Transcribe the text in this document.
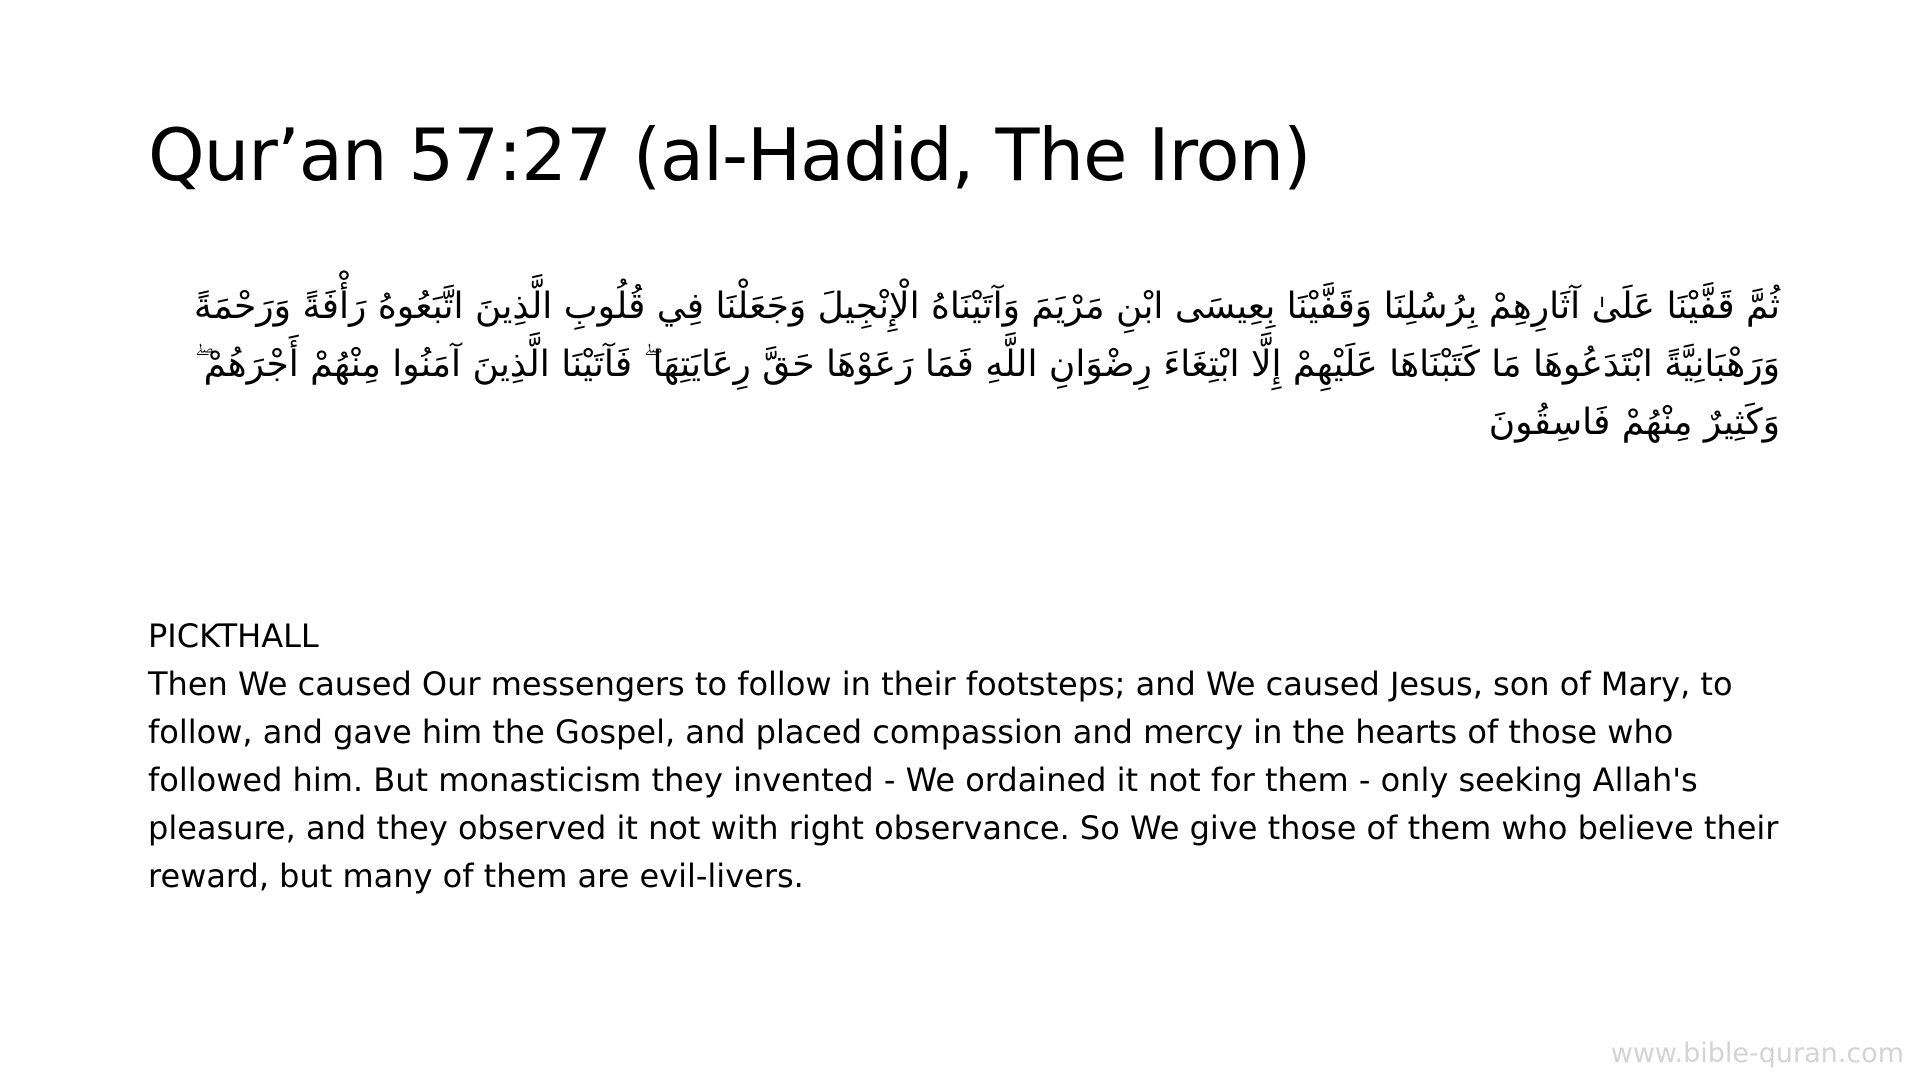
Qur’an 57:27 (al-Hadid, The Iron)

ثُمَّ قَفَّيْنَا عَلَىٰ آثَارِهِمْ بِرُسُلِنَا وَقَفَّيْنَا بِعِيسَى ابْنِ مَرْيَمَ وَآتَيْنَاهُ الْإِنْجِيلَ وَجَعَلْنَا فِي قُلُوبِ الَّذِينَ اتَّبَعُوهُ رَأْفَةً وَرَحْمَةً وَرَهْبَانِيَّةً ابْتَدَعُوهَا مَا كَتَبْنَاهَا عَلَيْهِمْ إِلَّا ابْتِغَاءَ رِضْوَانِ اللَّهِ فَمَا رَعَوْهَا حَقَّ رِعَايَتِهَا ۖ فَآتَيْنَا الَّذِينَ آمَنُوا مِنْهُمْ أَجْرَهُمْ ۖ وَكَثِيرٌ مِنْهُمْ فَاسِقُونَ

PICKTHALL

Then We caused Our messengers to follow in their footsteps; and We caused Jesus, son of Mary, to follow, and gave him the Gospel, and placed compassion and mercy in the hearts of those who followed him. But monasticism they invented - We ordained it not for them - only seeking Allah's pleasure, and they observed it not with right observance. So We give those of them who believe their reward, but many of them are evil-livers.

www.bible-quran.com
